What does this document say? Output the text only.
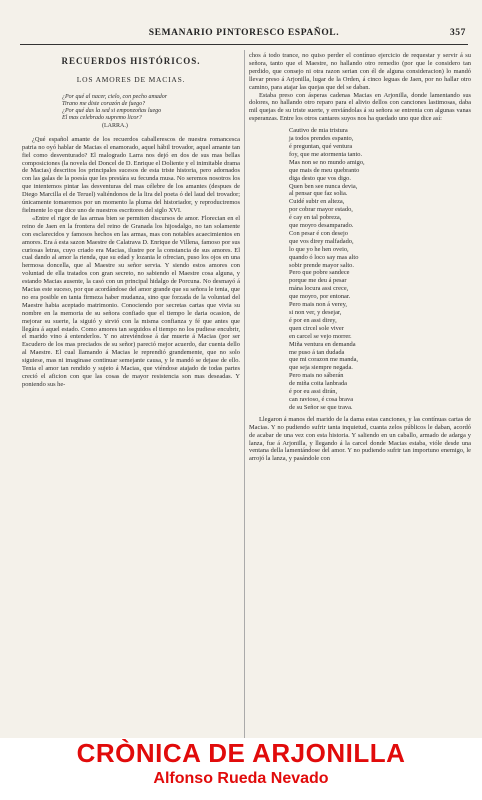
SEMANARIO PINTORESCO ESPAÑOL.	357
RECUERDOS HISTÓRICOS.
LOS AMORES DE MACIAS.
¿Por qué al nacer, cielo, con pecho amador
Tirano me diste corazón de fuego?
¿Por qué das la sed si emponzoñas luego
El mas celebrado supremo licor?
(LARRA.)

¿Qué español amante de los recuerdos caballerescos de nuestra romancesca patria no oyó hablar de Macias el enamorado, aquel hábil trovador, aquel amante tan fiel como desventurado? El malogrado Larra nos dejó en dos de sus mas bellas composiciones (la novela del Doncel de D. Enrique el Doliente y el inimitable drama de Macias) descritos los principales sucesos de esta triste historia, pero adornados con las galas de la poesía que les prestára su fecunda musa. No seremos nosotros los que intentemos pintar las desventuras del mas célebre de los amantes (despues de Diego Marcilla el de Teruel) valiéndonos de la lira del poeta ó del laud del trovador; únicamente tomaremos por un momento la pluma del historiador, y reproduciremos fielmente lo que dice uno de nuestros escritores del siglo XVI.

«Entre el rigor de las armas bien se permiten discursos de amor. Florecian en el reino de Jaen en la frontera del reino de Granada los hijosdalgo, no tan solamente con esclarecidos y famosos hechos en las armas, mas con notables acaecimientos en amores. Era á esta sazon Maestre de Calatrava D. Enrique de Villena, famoso por sus curiosas letras, cuyo criado era Macias, ilustre por la constancia de sus amores. El cual dando al amor la rienda, que su edad y lozania le ofrecian, puso los ojos en una hermosa doncella, que al Maestre su señor servia. Y siendo estos amores con voluntad de ella tratados con gran secreto, no sabiendo el Maestre cosa alguna, y estando Macias ausente, la casó con un principal hidalgo de Porcuna. No desmayó á Macias este suceso, por que acordándose del amor grande que su señora le tenia, que no era posible en tanta firmeza haber mudanza, sino que forzada de la voluntad del Maestre habia aceptado matrimonio. Conociendo por secretas cartas que vivia su nombre en la memoria de su señora confiado que el tiempo le daria ocasion, de mejorar su suerte, la siguió y sirvió con la misma confianza y fé que antes que llegára á aquel estado. Como amores tan seguidos el tiempo no los pudiese encubrir, el marido vino á entenderlos. Y no atreviéndose á dar muerte á Macias (por ser Escudero de los mas preciados de su señor) pareció mejor acuerdo, dar cuenta dello al Maestre. El cual llamando á Macias le reprendió grandemente, que no solo siguiese, mas ni imaginase continuar semejante causa, y le mandó se dejase de ello. Tenia el amor tan rendido y sujeto á Macias, que viéndose atajado de todas partes creció el aficion con que las cosas de mayor resistencia son mas deseadas. Y poniendo sus he-

chos á todo trance, no quiso perder el contínuo ejercicio de requestar y servir á su señora, tanto que el Maestre, no hallando otro remedio (por que le considero tan perdido, que consejo ni otra razon serian con él de alguna consideracion) lo mandó llevar preso á Arjonilla, lugar de la Orden, á cinco leguas de Jaen, por no hallar otro camino, para atajar las quejas que del se daban.

Estaba preso con ásperas cadenas Macias en Arjonilla, donde lamentando sus dolores, no hallando otro reparo para el alivio dellos con canciones lastimosas, daba mil quejas de su triste suerte, y enviándolas á su señora se entrenia con algunas vanas esperanzas. Entre los otros cantares suyos nos ha quedado uno que dice así:

Cautivo de mia tristura
ja todos prendes espanto,
é preguntan, qué ventura
foy, que me atormenta tanto.
Mas non se no mundo amigo,
que mais de meu quebranto
diga desto que vos digo.
Quen ben see nunca devia,
al pensar que faz solia.
Cuidé subir en alteza,
por cobrar mayor estado,
é cay en tal pobreza,
que moyro desamparado.
Con pesar é con desejo
que vos direy malfadado,
lo que yo he hen oveio,
quando ó loco say mas alto
sobir prende mayor salto.
Pero que pobre sandece
porque me deu á pesar
mána locura assi crece,
que moyro, por entonar.
Pero mais non á verey,
si non ver, y desejar,
é por en assi direy,
quen circel sole viver
en carcel se vejo morrer.
Miña ventura en demanda
me puso á tan dudada
que mi corazon me manda,
que seja siempre negada.
Pero mais no sáberán
de miña coita lanbrada
é por eu assi dirán,
can ravioso, é cosa brava
de su Señor se que trava.

Llegaron á manos del marido de la dama estas canciones, y las contínuas cartas de Macias. Y no pudiendo sufrir tanta inquietud, cuanta zelos públicos le daban, acordó de acabar de una vez con esta historia. Y saliendo en un caballo, armado de adarga y lanza, fue á Arjonilla, y llegando á la carcel donde Macias estaba, vióle desde una ventana della lamentándose del amor. Y no pudiendo sufrir tan importuno enemigo, le arrojó la lanza, y pasándole con

CRÒNICA DE ARJONILLA
Alfonso Rueda Nevado
